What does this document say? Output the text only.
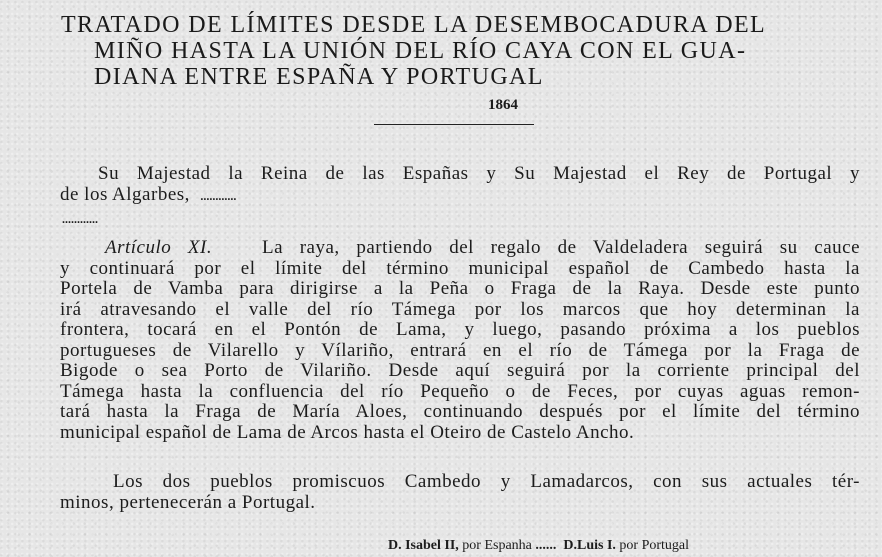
TRATADO DE LÍMITES DESDE LA DESEMBOCADURA DEL
MIÑO HASTA LA UNIÓN DEL RÍO CAYA CON EL GUA-
DIANA ENTRE ESPAÑA Y PORTUGAL
1864
Su Majestad la Reina de las Españas y Su Majestad el Rey de Portugal y
de los Algarbes, ............
............
Artículo XI.	La raya, partiendo del regalo de Valdeladera seguirá su cauce
y continuará por el límite del término municipal español de Cambedo hasta la
Portela de Vamba para dirigirse a la Peña o Fraga de la Raya. Desde este punto
irá atravesando el valle del río Támega por los marcos que hoy determinan la
frontera, tocará en el Pontón de Lama, y luego, pasando próxima a los pueblos
portugueses de Vilarello y Vílariño, entrará en el río de Támega por la Fraga de
Bigode o sea Porto de Vilariño. Desde aquí seguirá por la corriente principal del
Támega hasta la confluencia del río Pequeño o de Feces, por cuyas aguas remon-
tará hasta la Fraga de María Aloes, continuando después por el límite del término
municipal español de Lama de Arcos hasta el Oteiro de Castelo Ancho.
Los dos pueblos promiscuos Cambedo y Lamadarcos, con sus actuales tér-
minos, pertenecerán a Portugal.
D. Isabel II, por Espanha ...... D.Luis I. por Portugal
